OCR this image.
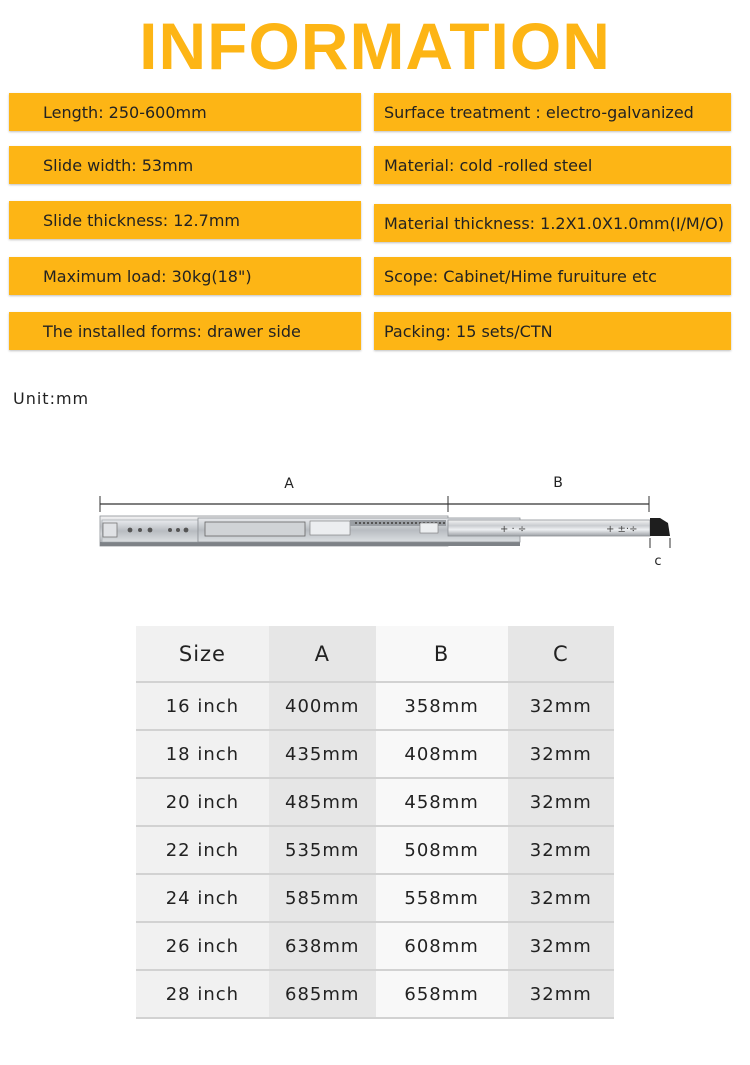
INFORMATION
Length: 250-600mm
Slide width: 53mm
Slide thickness: 12.7mm
Maximum load: 30kg(18")
The installed forms: drawer side
Surface treatment : electro-galvanized
Material: cold -rolled steel
Material thickness: 1.2X1.0X1.0mm(I/M/O)
Scope: Cabinet/Hime furuiture etc
Packing: 15 sets/CTN
Unit:mm
A	B
+ · ÷	+ ±·÷
c
Size	A	B	C
16 inch	400mm	358mm	32mm
18 inch	435mm	408mm	32mm
20 inch	485mm	458mm	32mm
22 inch	535mm	508mm	32mm
24 inch	585mm	558mm	32mm
26 inch	638mm	608mm	32mm
28 inch	685mm	658mm	32mm
